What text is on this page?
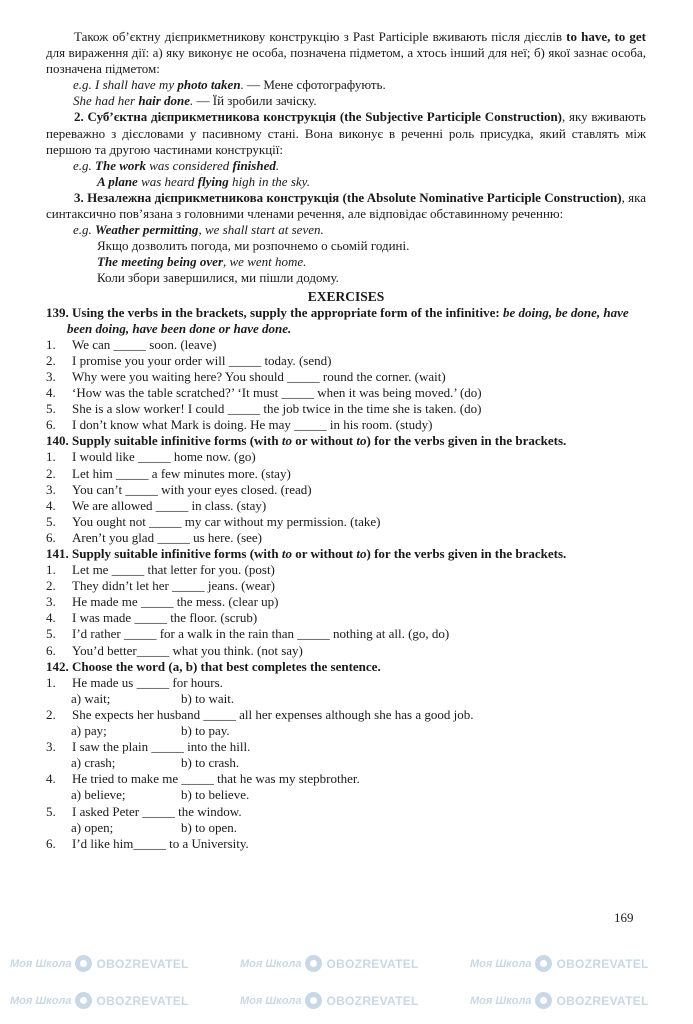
Моя Школа OBOZREVATEL	Моя Школа OBOZREVATEL	Моя Школа OBOZREVATEL
Моя Школа OBOZREVATEL	Моя Школа OBOZREVATEL	Моя Школа OBOZREVATEL

Також об’єктну дієприкметникову конструкцію з Past Participle вживають після дієслів to have, to get для вираження дії: а) яку виконує не особа, позначена підметом, а хтось інший для неї; б) якої зазнає особа, позначена підметом:

e.g. I shall have my photo taken. — Мене сфотографують.

She had her hair done. — Їй зробили зачіску.

2. Суб’єктна дієприкметникова конструкція (the Subjective Participle Construction), яку вживають переважно з дієсловами у пасивному стані. Вона виконує в реченні роль присудка, який ставлять між першою та другою частинами конструкції:

e.g. The work was considered finished.

A plane was heard flying high in the sky.

3. Незалежна дієприкметникова конструкція (the Absolute Nominative Participle Construction), яка синтаксично пов’язана з головними членами речення, але відповідає обставинному реченню:

e.g. Weather permitting, we shall start at seven.

Якщо дозволить погода, ми розпочнемо о сьомій годині.

The meeting being over, we went home.

Коли збори завершилися, ми пішли додому.

EXERCISES

139. Using the verbs in the brackets, supply the appropriate form of the infinitive: be doing, be done, have been doing, have been done or have done.

1.	We can _____ soon. (leave)
2.	I promise you your order will _____ today. (send)
3.	Why were you waiting here? You should _____ round the corner. (wait)
4.	‘How was the table scratched?’ ‘It must _____ when it was being moved.’ (do)
5.	She is a slow worker! I could _____ the job twice in the time she is taken. (do)
6.	I don’t know what Mark is doing. He may _____ in his room. (study)

140. Supply suitable infinitive forms (with to or without to) for the verbs given in the brackets.

1.	I would like _____ home now. (go)
2.	Let him _____ a few minutes more. (stay)
3.	You can’t _____ with your eyes closed. (read)
4.	We are allowed _____ in class. (stay)
5.	You ought not _____ my car without my permission. (take)
6.	Aren’t you glad _____ us here. (see)

141. Supply suitable infinitive forms (with to or without to) for the verbs given in the brackets.

1.	Let me _____ that letter for you. (post)
2.	They didn’t let her _____ jeans. (wear)
3.	He made me _____ the mess. (clear up)
4.	I was made _____ the floor. (scrub)
5.	I’d rather _____ for a walk in the rain than _____ nothing at all. (go, do)
6.	You’d better_____ what you think. (not say)

142. Choose the word (a, b) that best completes the sentence.

1.	He made us _____ for hours.
a) wait;	b) to wait.
2.	She expects her husband _____ all her expenses although she has a good job.
a) pay;	b) to pay.
3.	I saw the plain _____ into the hill.
a) crash;	b) to crash.
4.	He tried to make me _____ that he was my stepbrother.
a) believe;	b) to believe.
5.	I asked Peter _____ the window.
a) open;	b) to open.
6.	I’d like him_____ to a University.
169
